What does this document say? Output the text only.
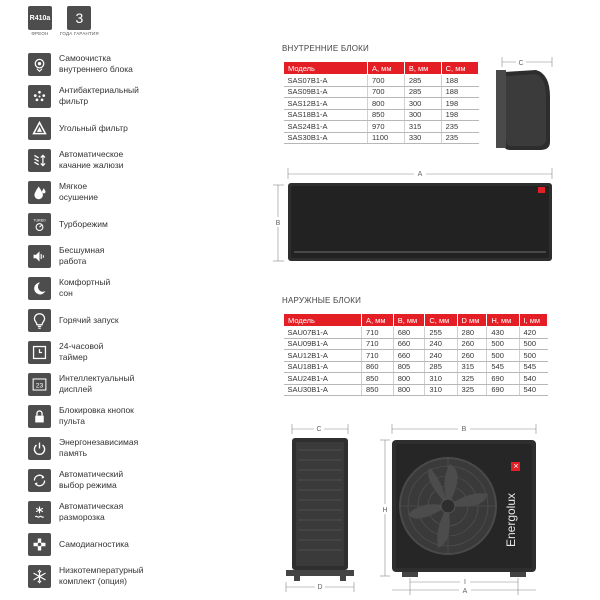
R410a
ФРЕОН
3
ГОДА ГАРАНТИЯ
Самоочистка
внутреннего блока
Антибактериальный
фильтр
Угольный фильтр
Автоматическое
качание жалюзи
Мягкое
осушение
TURBO Турборежим
Бесшумная
работа
Комфортный
сон
Горячий запуск
24-часовой
таймер
23
Интеллектуальный
дисплей
Блокировка кнопок
пульта
Энергонезависимая
память
Автоматический
выбор режима
Автоматическая
разморозка
Самодиагностика
Низкотемпературный
комплект (опция)
ВНУТРЕННИЕ БЛОКИ
Модель	A, мм	B, мм	C, мм
SAS07B1-A	700	285	188
SAS09B1-A	700	285	188
SAS12B1-A	800	300	198
SAS18B1-A	850	300	198
SAS24B1-A	970	315	235
SAS30B1-A	1100	330	235
C
A
B
НАРУЖНЫЕ БЛОКИ
Модель	A, мм	B, мм	C, мм	D мм	H, мм	I, мм
SAU07B1-A	710	680	255	280	430	420
SAU09B1-A	710	660	240	260	500	500
SAU12B1-A	710	660	240	260	500	500
SAU18B1-A	860	805	285	315	545	545
SAU24B1-A	850	800	310	325	690	540
SAU30B1-A	850	800	310	325	690	540
C
D
B
H
✕
Energolux
I
A
